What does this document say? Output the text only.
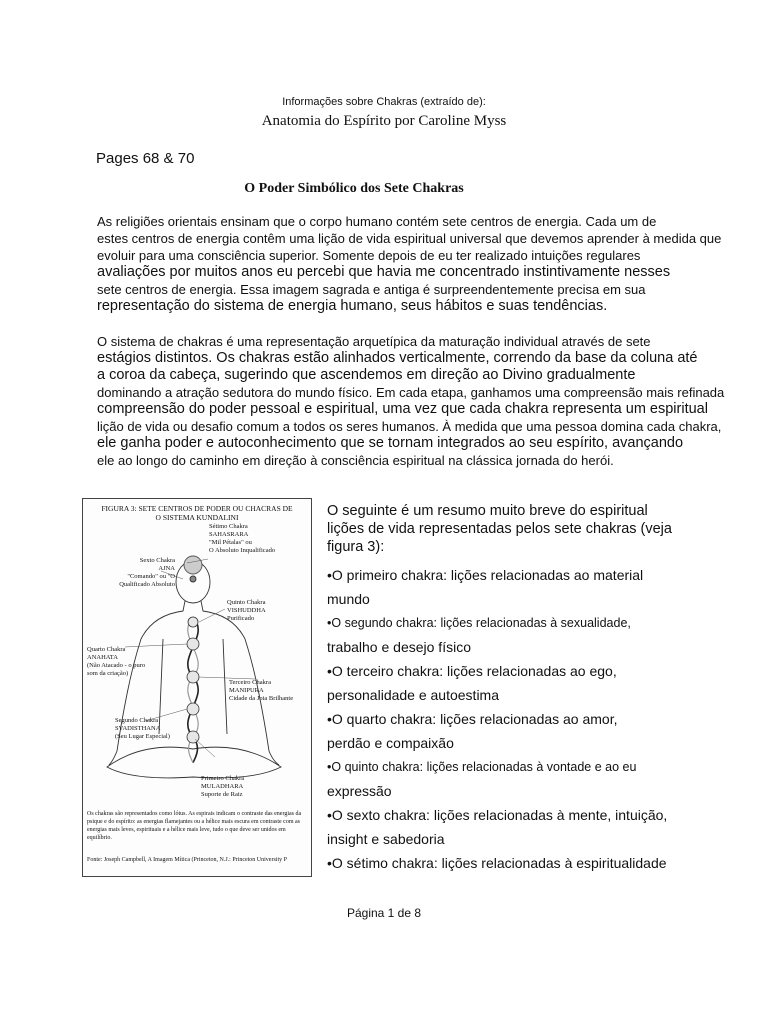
Informações sobre Chakras (extraído de):

Anatomia do Espírito por Caroline Myss

Pages 68 & 70

O Poder Simbólico dos Sete Chakras

As religiões orientais ensinam que o corpo humano contém sete centros de energia. Cada um de
estes centros de energia contêm uma lição de vida espiritual universal que devemos aprender à medida que
evoluir para uma consciência superior. Somente depois de eu ter realizado intuições regulares
avaliações por muitos anos eu percebi que havia me concentrado instintivamente nesses
sete centros de energia. Essa imagem sagrada e antiga é surpreendentemente precisa em sua
representação do sistema de energia humano, seus hábitos e suas tendências.
O sistema de chakras é uma representação arquetípica da maturação individual através de sete
estágios distintos. Os chakras estão alinhados verticalmente, correndo da base da coluna até
a coroa da cabeça, sugerindo que ascendemos em direção ao Divino gradualmente
dominando a atração sedutora do mundo físico. Em cada etapa, ganhamos uma compreensão mais refinada
compreensão do poder pessoal e espiritual, uma vez que cada chakra representa um espiritual
lição de vida ou desafio comum a todos os seres humanos. À medida que uma pessoa domina cada chakra,
ele ganha poder e autoconhecimento que se tornam integrados ao seu espírito, avançando
ele ao longo do caminho em direção à consciência espiritual na clássica jornada do herói.
FIGURA 3: SETE CENTROS DE PODER OU CHACRAS DE
O SISTEMA KUNDALINI
Sétimo Chakra
SAHASRARA
"Mil Pétalas" ou
O Absoluto Inqualificado
Sexto Chakra
AJNA
"Comando" ou "O
Qualificado Absoluto
Quinto Chakra
VISHUDDHA
Purificado
Quarto Chakra
ANAHATA
(Não Atacado - o puro
som da criação)
Terceiro Chakra
MANIPURA
Cidade da Joia Brilhante
Segundo Chakra
SVADISTHANA
(Seu Lugar Especial)
Primeiro Chakra
MULADHARA
Suporte de Raiz
Os chakras são representados como lótus. As espirais indicam o contraste das energias da psique e do espírito: as energias flamejantes ou a hélice mais escura em contraste com as energias mais leves, espirituais e a hélice mais leve, tudo o que deve ser unidos em equilíbrio.
Fonte: Joseph Campbell, A Imagem Mítica (Princeton, N.J.: Princeton University P
O seguinte é um resumo muito breve do espiritual
lições de vida representadas pelos sete chakras (veja
figura 3):
•O primeiro chakra: lições relacionadas ao material
mundo
•O segundo chakra: lições relacionadas à sexualidade,
trabalho e desejo físico
•O terceiro chakra: lições relacionadas ao ego,
personalidade e autoestima
•O quarto chakra: lições relacionadas ao amor,
perdão e compaixão
•O quinto chakra: lições relacionadas à vontade e ao eu
expressão
•O sexto chakra: lições relacionadas à mente, intuição,
insight e sabedoria
•O sétimo chakra: lições relacionadas à espiritualidade

Página 1 de 8
